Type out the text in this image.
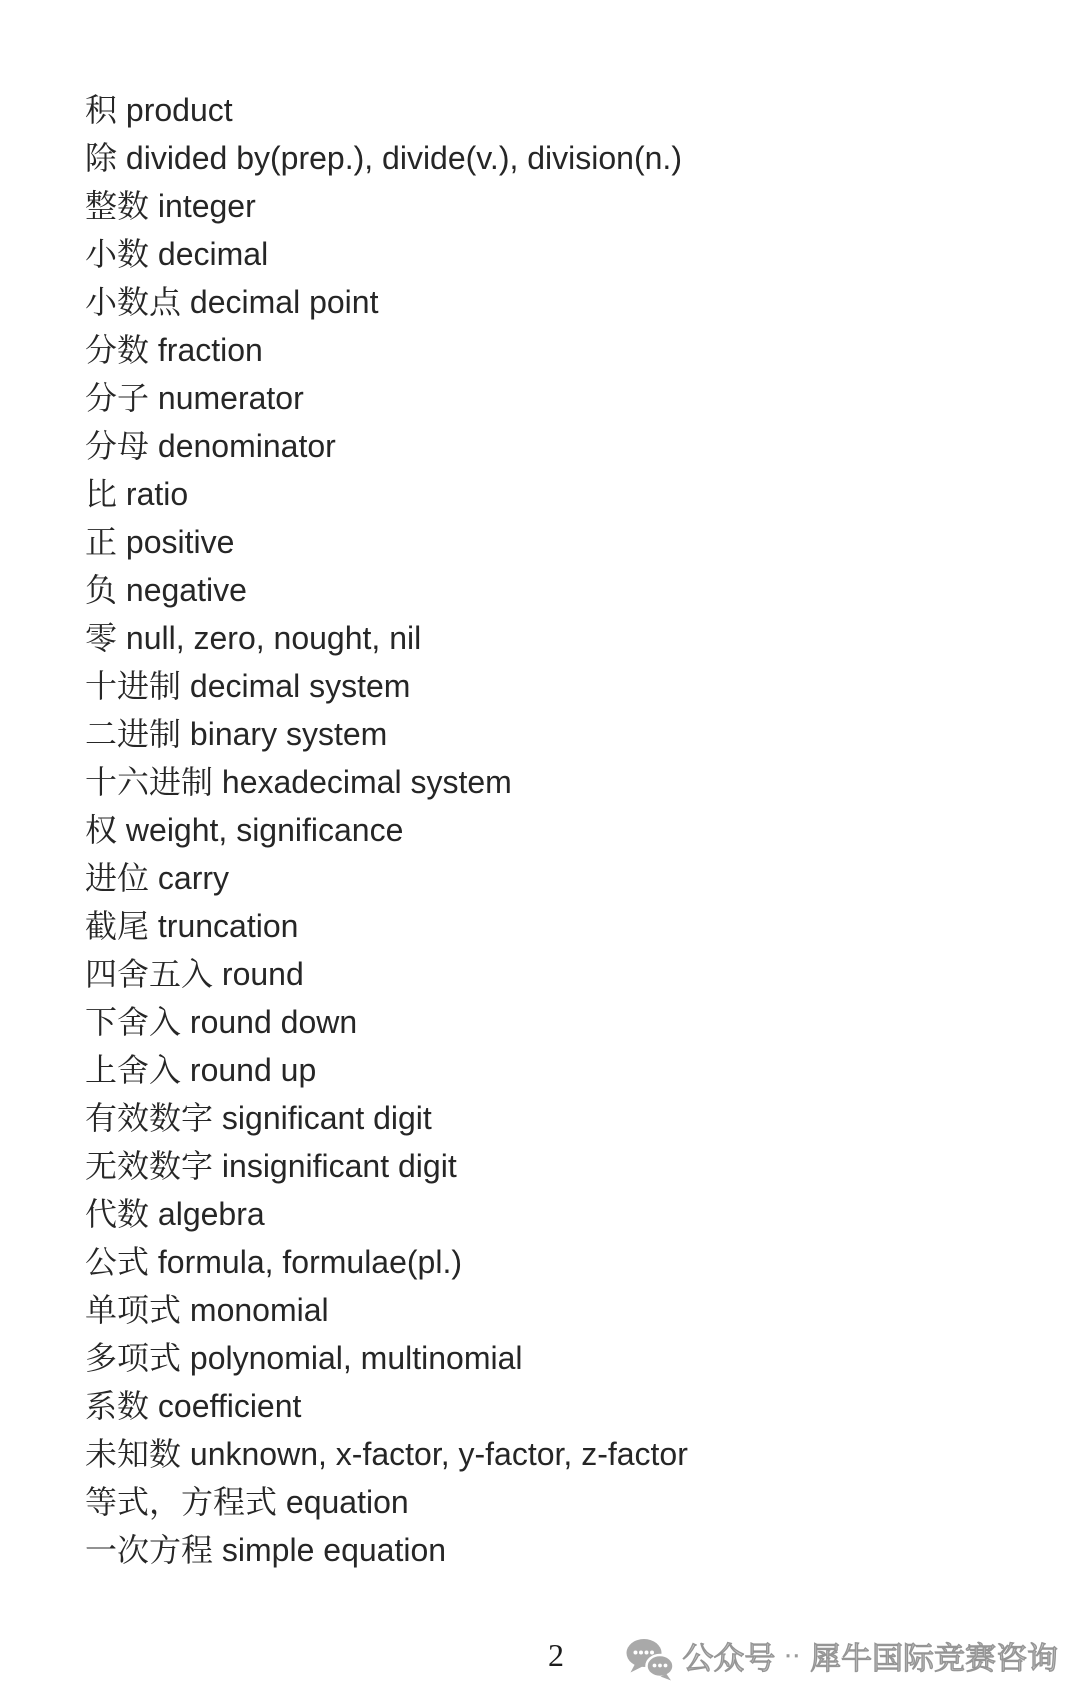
积 product
除 divided by(prep.), divide(v.), division(n.)
整数 integer
小数 decimal
小数点 decimal point
分数 fraction
分子 numerator
分母 denominator
比 ratio
正 positive
负 negative
零 null, zero, nought, nil
十进制 decimal system
二进制 binary system
十六进制 hexadecimal system
权 weight, significance
进位 carry
截尾 truncation
四舍五入 round
下舍入 round down
上舍入 round up
有效数字 significant digit
无效数字 insignificant digit
代数 algebra
公式 formula, formulae(pl.)
单项式 monomial
多项式 polynomial, multinomial
系数 coefficient
未知数 unknown, x-factor, y-factor, z-factor
等式，方程式 equation
一次方程 simple equation
2	公众号 ·· 犀牛国际竞赛咨询
